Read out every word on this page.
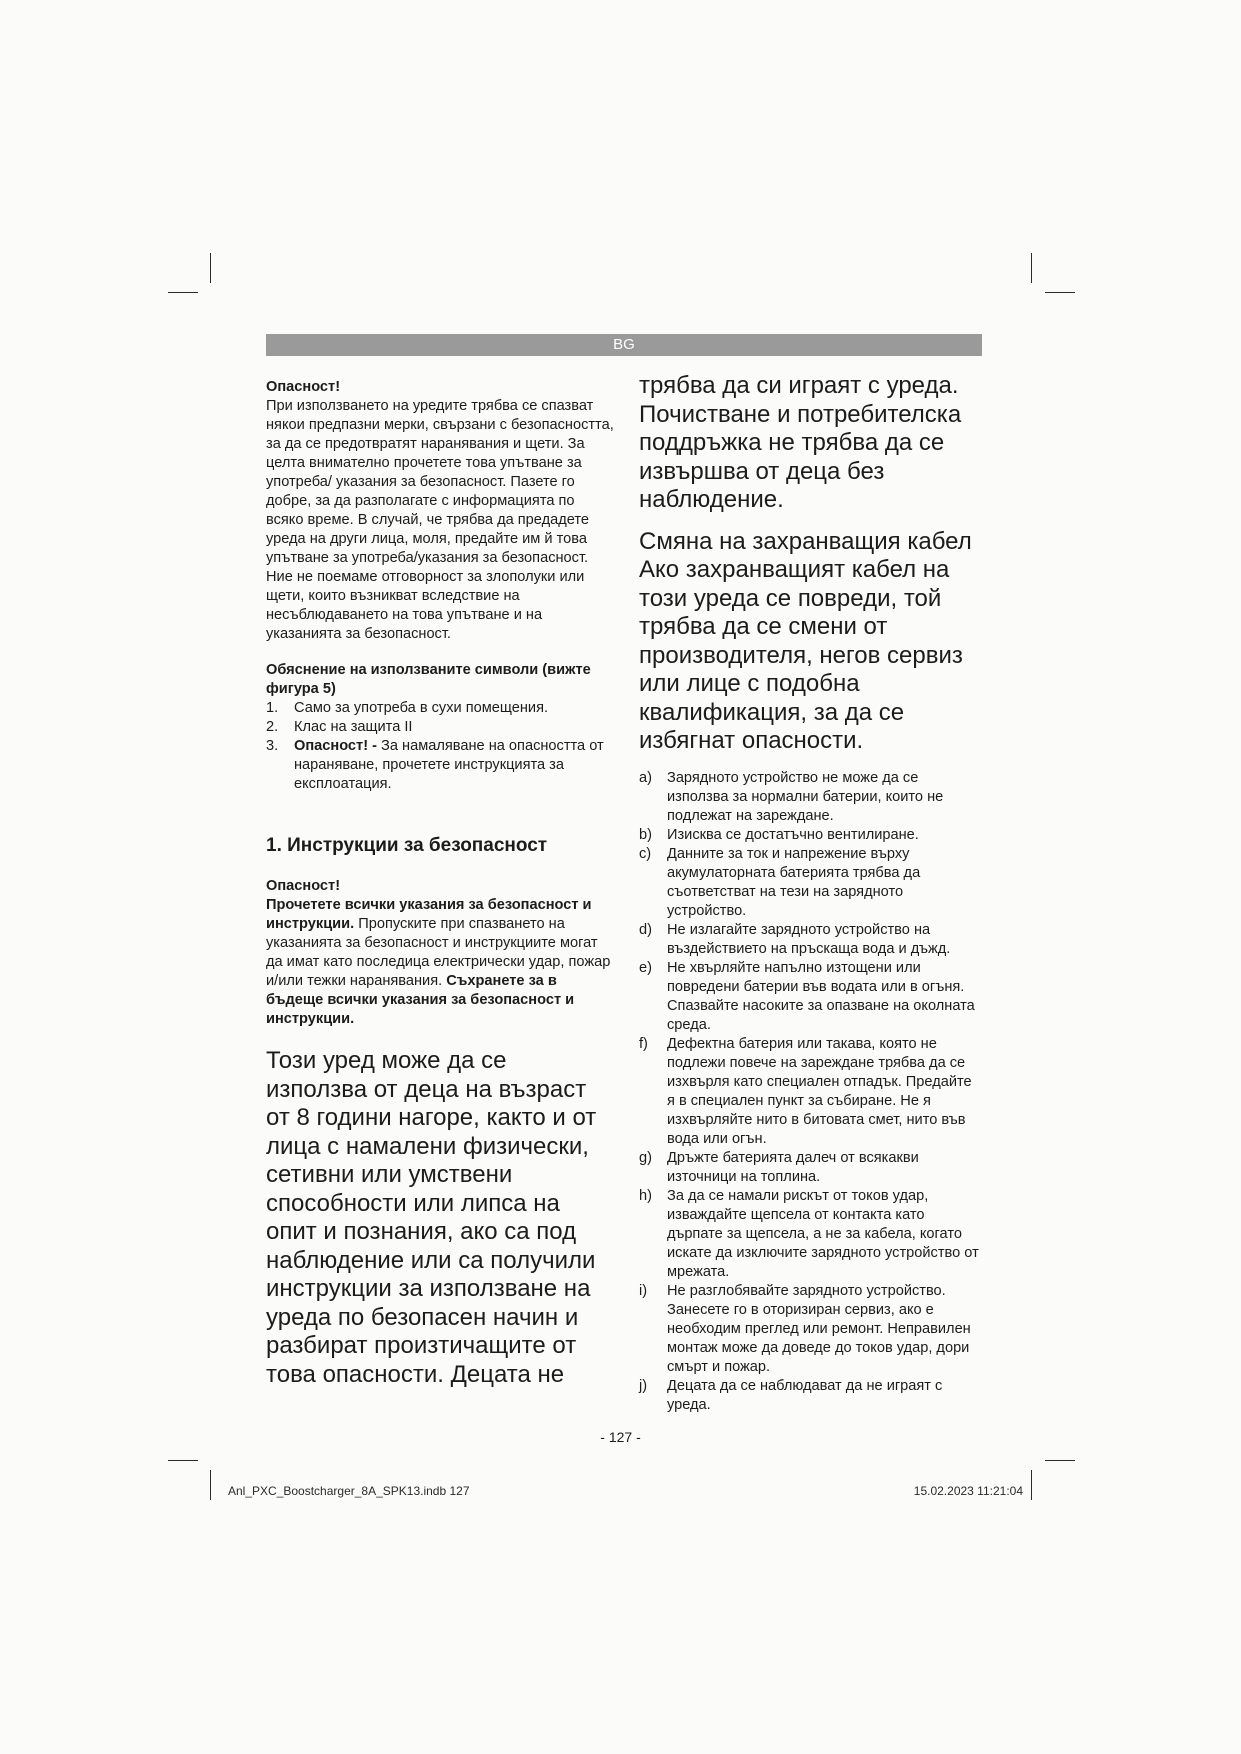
BG

Опасност!

При използването на уредите трябва се спазват някои предпазни мерки, свързани с безопасността, за да се предотвратят наранявания и щети. За целта внимателно прочетете това упътване за употреба/ указания за безопасност. Пазете го добре, за да разполагате с информацията по всяко време. В случай, че трябва да предадете уреда на други лица, моля, предайте им й това упътване за употреба/указания за безопасност. Ние не поемаме отговорност за злополуки или щети, които възникват вследствие на несъблюдаването на това упътване и на указанията за безопасност.

Обяснение на използваните символи (вижте фигура 5)

1. Само за употреба в сухи помещения.
2. Клас на защита II
3. Опасност! - За намаляване на опасността от нараняване, прочетете инструкцията за експлоатация.

1. Инструкции за безопасност

Опасност!

Прочетете всички указания за безопасност и инструкции. Пропуските при спазването на указанията за безопасност и инструкциите могат да имат като последица електрически удар, пожар и/или тежки наранявания. Съхранете за в бъдеще всички указания за безопасност и инструкции.

Този уред може да се използва от деца на възраст от 8 години нагоре, както и от лица с намалени физически, сетивни или умствени способности или липса на опит и познания, ако са под наблюдение или са получили инструкции за използване на уреда по безопасен начин и разбират произтичащите от това опасности. Децата не

трябва да си играят с уреда. Почистване и потребителска поддръжка не трябва да се извършва от деца без наблюдение.

Смяна на захранващия кабел

Ако захранващият кабел на този уреда се повреди, той трябва да се смени от производителя, негов сервиз или лице с подобна квалификация, за да се избягнат опасности.

a) Зарядното устройство не може да се използва за нормални батерии, които не подлежат на зареждане.
b) Изисква се достатъчно вентилиране.
c) Данните за ток и напрежение върху акумулаторната батерията трябва да съответстват на тези на зарядното устройство.
d) Не излагайте зарядното устройство на въздействието на пръскаща вода и дъжд.
e) Не хвърляйте напълно изтощени или повредени батерии във водата или в огъня. Спазвайте насоките за опазване на околната среда.
f) Дефектна батерия или такава, която не подлежи повече на зареждане трябва да се изхвърля като специален отпадък. Предайте я в специален пункт за събиране. Не я изхвърляйте нито в битовата смет, нито във вода или огън.
g) Дръжте батерията далеч от всякакви източници на топлина.
h) За да се намали рискът от токов удар, изваждайте щепсела от контакта като дърпате за щепсела, а не за кабела, когато искате да изключите зарядното устройство от мрежата.
i) Не разглобявайте зарядното устройство. Занесете го в оторизиран сервиз, ако е необходим преглед или ремонт. Неправилен монтаж може да доведе до токов удар, дори смърт и пожар.
j) Децата да се наблюдават да не играят с уреда.
- 127 -
Anl_PXC_Boostcharger_8A_SPK13.indb 127	15.02.2023 11:21:04
